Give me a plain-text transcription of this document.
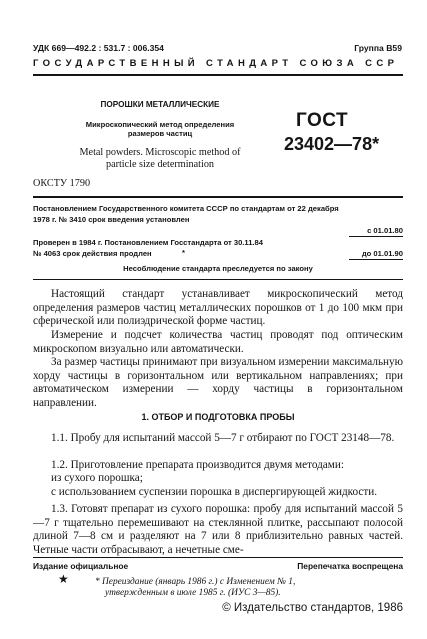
УДК 669—492.2 : 531.7 : 006.354	Группа В59
ГОСУДАРСТВЕННЫЙ СТАНДАРТ СОЮЗА ССР
ПОРОШКИ МЕТАЛЛИЧЕСКИЕ
Микроскопический метод определения
размеров частиц
Metal powders. Microscopic method of
particle size determination
ГОСТ
23402—78*
ОКСТУ 1790
Постановлением Государственного комитета СССР по стандартам от 22 декабря
1978 г. № 3410 срок введения установлен
с 01.01.80
Проверен в 1984 г. Постановлением Госстандарта от 30.11.84
№ 4063 срок действия продлен	*	до 01.01.90
Несоблюдение стандарта преследуется по закону
Настоящий стандарт устанавливает микроскопический метод определения размеров частиц металлических порошков от 1 до 100 мкм при сферической или полиэдрической форме частиц.
Измерение и подсчет количества частиц проводят под оптическим микроскопом визуально или автоматически.
За размер частицы принимают при визуальном измерении максимальную хорду частицы в горизонтальном или вертикальном направлениях; при автоматическом измерении — хорду частицы в горизонтальном направлении.
1. ОТБОР И ПОДГОТОВКА ПРОБЫ
1.1. Пробу для испытаний массой 5—7 г отбирают по ГОСТ 23148—78.
1.2. Приготовление препарата производится двумя методами:
из сухого порошка;
с использованием суспензии порошка в диспергирующей жидкости.
1.3. Готовят препарат из сухого порошка: пробу для испытаний массой 5—7 г тщательно перемешивают на стеклянной плитке, рассыпают полосой длиной 7—8 см и разделяют на 7 или 8 приблизительно равных частей. Четные части отбрасывают, а нечетные сме-
Издание официальное	Перепечатка воспрещена
★	* Переиздание (январь 1986 г.) с Изменением № 1,
утвержденным в июле 1985 г. (ИУС 3—85).
© Издательство стандартов, 1986
